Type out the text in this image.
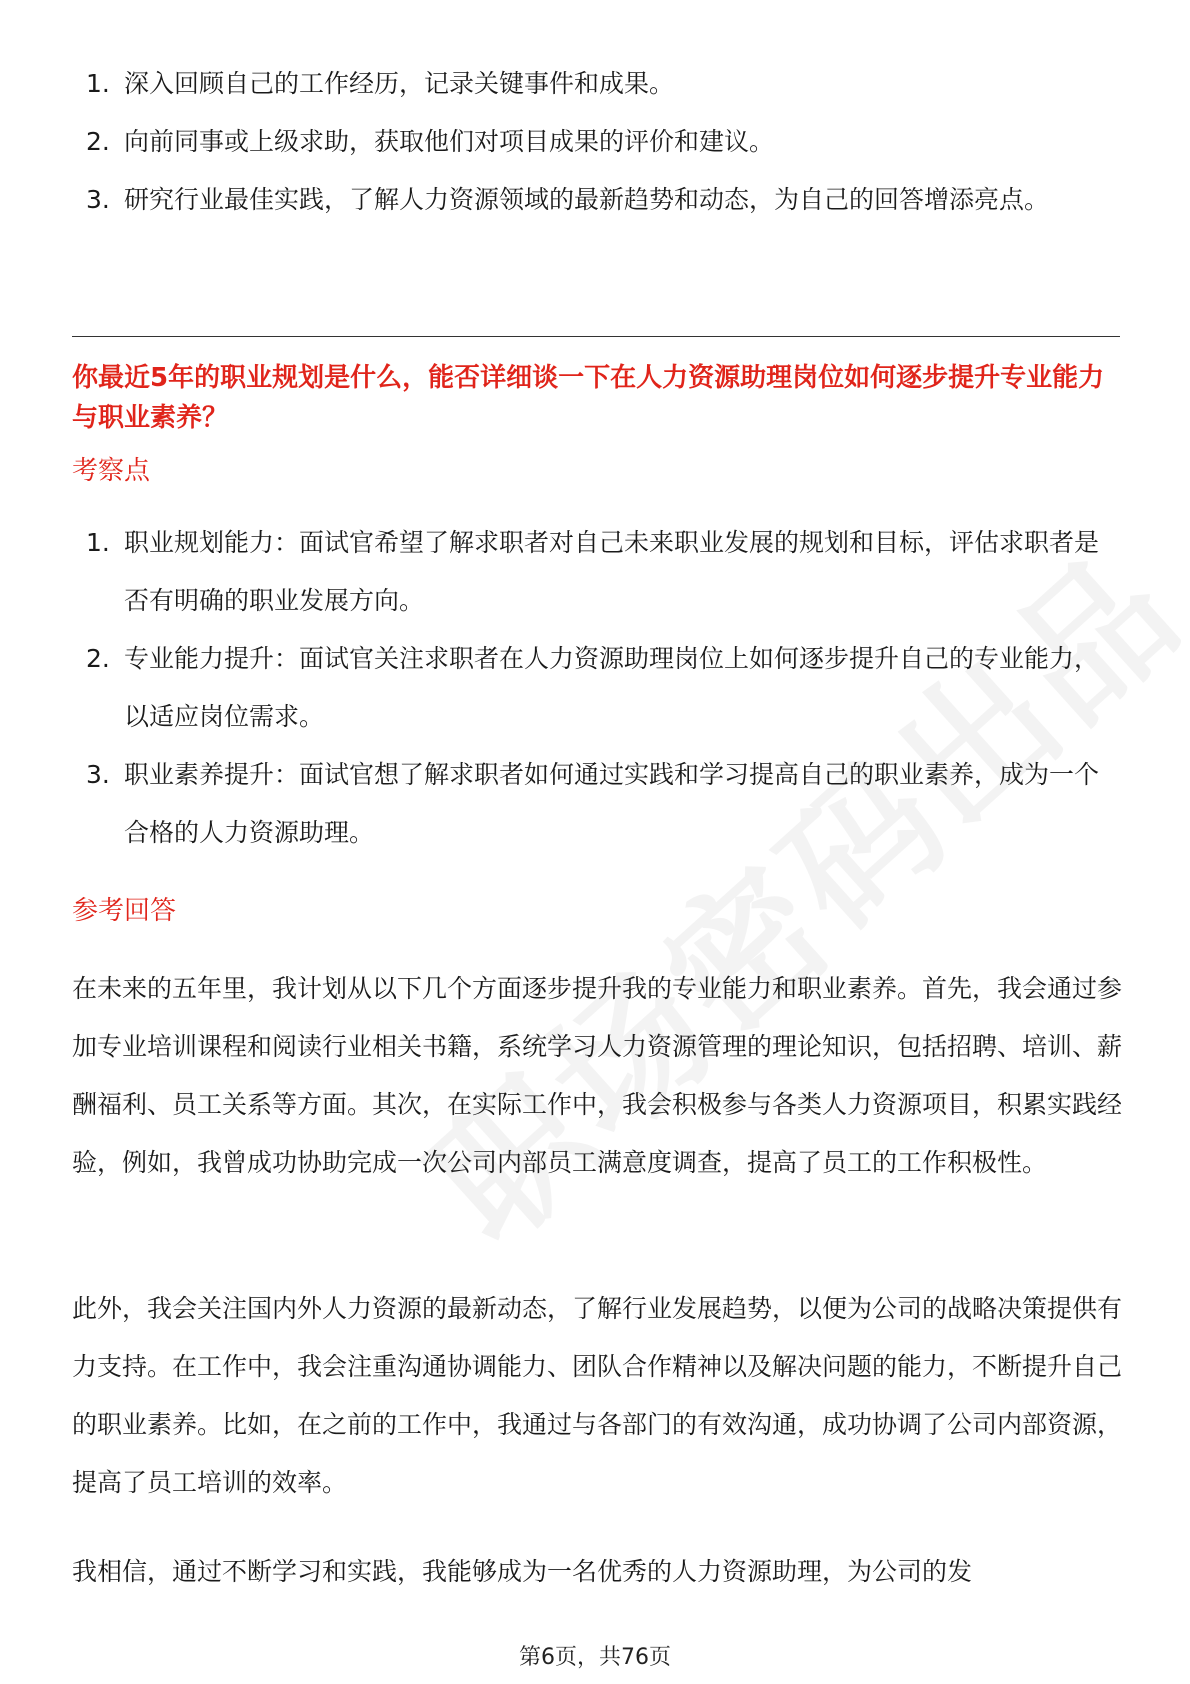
1. 深入回顾自己的工作经历，记录关键事件和成果。
2. 向前同事或上级求助，获取他们对项目成果的评价和建议。
3. 研究行业最佳实践，了解人力资源领域的最新趋势和动态，为自己的回答增添亮点。
你最近5年的职业规划是什么，能否详细谈一下在人力资源助理岗位如何逐步提升专业能力与职业素养？
考察点
1. 职业规划能力：面试官希望了解求职者对自己未来职业发展的规划和目标，评估求职者是否有明确的职业发展方向。
2. 专业能力提升：面试官关注求职者在人力资源助理岗位上如何逐步提升自己的专业能力，以适应岗位需求。
3. 职业素养提升：面试官想了解求职者如何通过实践和学习提高自己的职业素养，成为一个合格的人力资源助理。
参考回答

在未来的五年里，我计划从以下几个方面逐步提升我的专业能力和职业素养。首先，我会通过参加专业培训课程和阅读行业相关书籍，系统学习人力资源管理的理论知识，包括招聘、培训、薪酬福利、员工关系等方面。其次，在实际工作中，我会积极参与各类人力资源项目，积累实践经验，例如，我曾成功协助完成一次公司内部员工满意度调查，提高了员工的工作积极性。

此外，我会关注国内外人力资源的最新动态，了解行业发展趋势，以便为公司的战略决策提供有力支持。在工作中，我会注重沟通协调能力、团队合作精神以及解决问题的能力，不断提升自己的职业素养。比如，在之前的工作中，我通过与各部门的有效沟通，成功协调了公司内部资源，提高了员工培训的效率。

我相信，通过不断学习和实践，我能够成为一名优秀的人力资源助理，为公司的发

第6页，共76页
